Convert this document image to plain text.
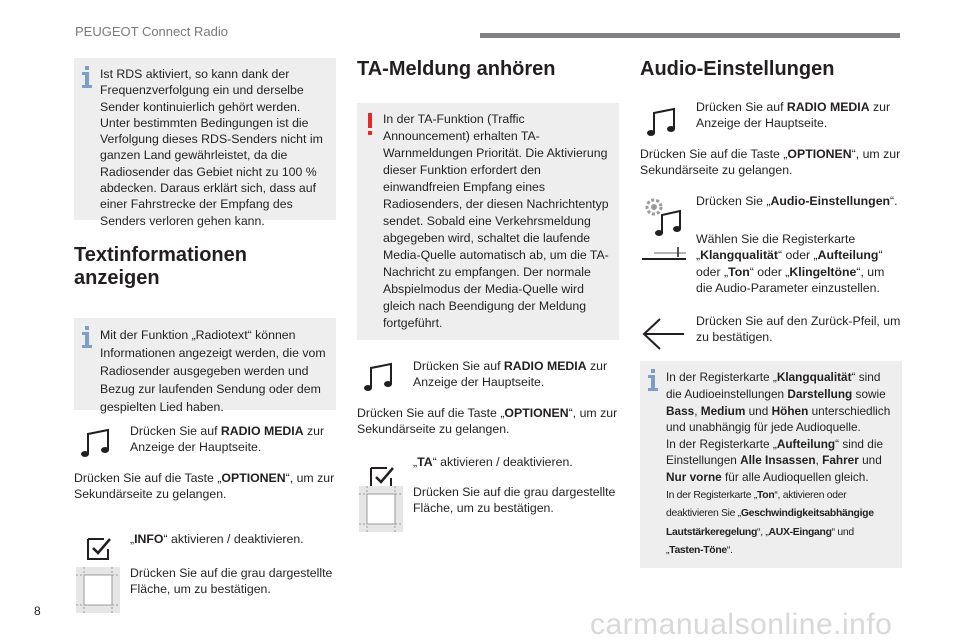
PEUGEOT Connect Radio
Ist RDS aktiviert, so kann dank der Frequenzverfolgung ein und derselbe Sender kontinuierlich gehört werden. Unter bestimmten Bedingungen ist die Verfolgung dieses RDS-Senders nicht im ganzen Land gewährleistet, da die Radiosender das Gebiet nicht zu 100 % abdecken. Daraus erklärt sich, dass auf einer Fahrstrecke der Empfang des Senders verloren gehen kann.
Textinformationen anzeigen
Mit der Funktion „Radiotext“ können Informationen angezeigt werden, die vom Radiosender ausgegeben werden und Bezug zur laufenden Sendung oder dem gespielten Lied haben.
Drücken Sie auf RADIO MEDIA zur Anzeige der Hauptseite.
Drücken Sie auf die Taste „OPTIONEN“, um zur Sekundärseite zu gelangen.
„INFO“ aktivieren / deaktivieren.
Drücken Sie auf die grau dargestellte Fläche, um zu bestätigen.
TA-Meldung anhören
In der TA-Funktion (Traffic Announcement) erhalten TA-Warnmeldungen Priorität. Die Aktivierung dieser Funktion erfordert den einwandfreien Empfang eines Radiosenders, der diesen Nachrichtentyp sendet. Sobald eine Verkehrsmeldung abgegeben wird, schaltet die laufende Media-Quelle automatisch ab, um die TA-Nachricht zu empfangen. Der normale Abspielmodus der Media-Quelle wird gleich nach Beendigung der Meldung fortgeführt.
Drücken Sie auf RADIO MEDIA zur Anzeige der Hauptseite.
Drücken Sie auf die Taste „OPTIONEN“, um zur Sekundärseite zu gelangen.
„TA“ aktivieren / deaktivieren.
Drücken Sie auf die grau dargestellte Fläche, um zu bestätigen.
Audio-Einstellungen
Drücken Sie auf RADIO MEDIA zur Anzeige der Hauptseite.
Drücken Sie auf die Taste „OPTIONEN“, um zur Sekundärseite zu gelangen.
Drücken Sie „Audio-Einstellungen“.
Wählen Sie die Registerkarte „Klangqualität“ oder „Aufteilung“ oder „Ton“ oder „Klingeltöne“, um die Audio-Parameter einzustellen.
Drücken Sie auf den Zurück-Pfeil, um zu bestätigen.
In der Registerkarte „Klangqualität“ sind die Audioeinstellungen Darstellung sowie Bass, Medium und Höhen unterschiedlich und unabhängig für jede Audioquelle.
In der Registerkarte „Aufteilung“ sind die Einstellungen Alle Insassen, Fahrer und Nur vorne für alle Audioquellen gleich.
In der Registerkarte „Ton“, aktivieren oder deaktivieren Sie „Geschwindigkeitsabhängige Lautstärkeregelung“, „AUX-Eingang“ und „Tasten-Töne“.
8	carmanualsonline.info
